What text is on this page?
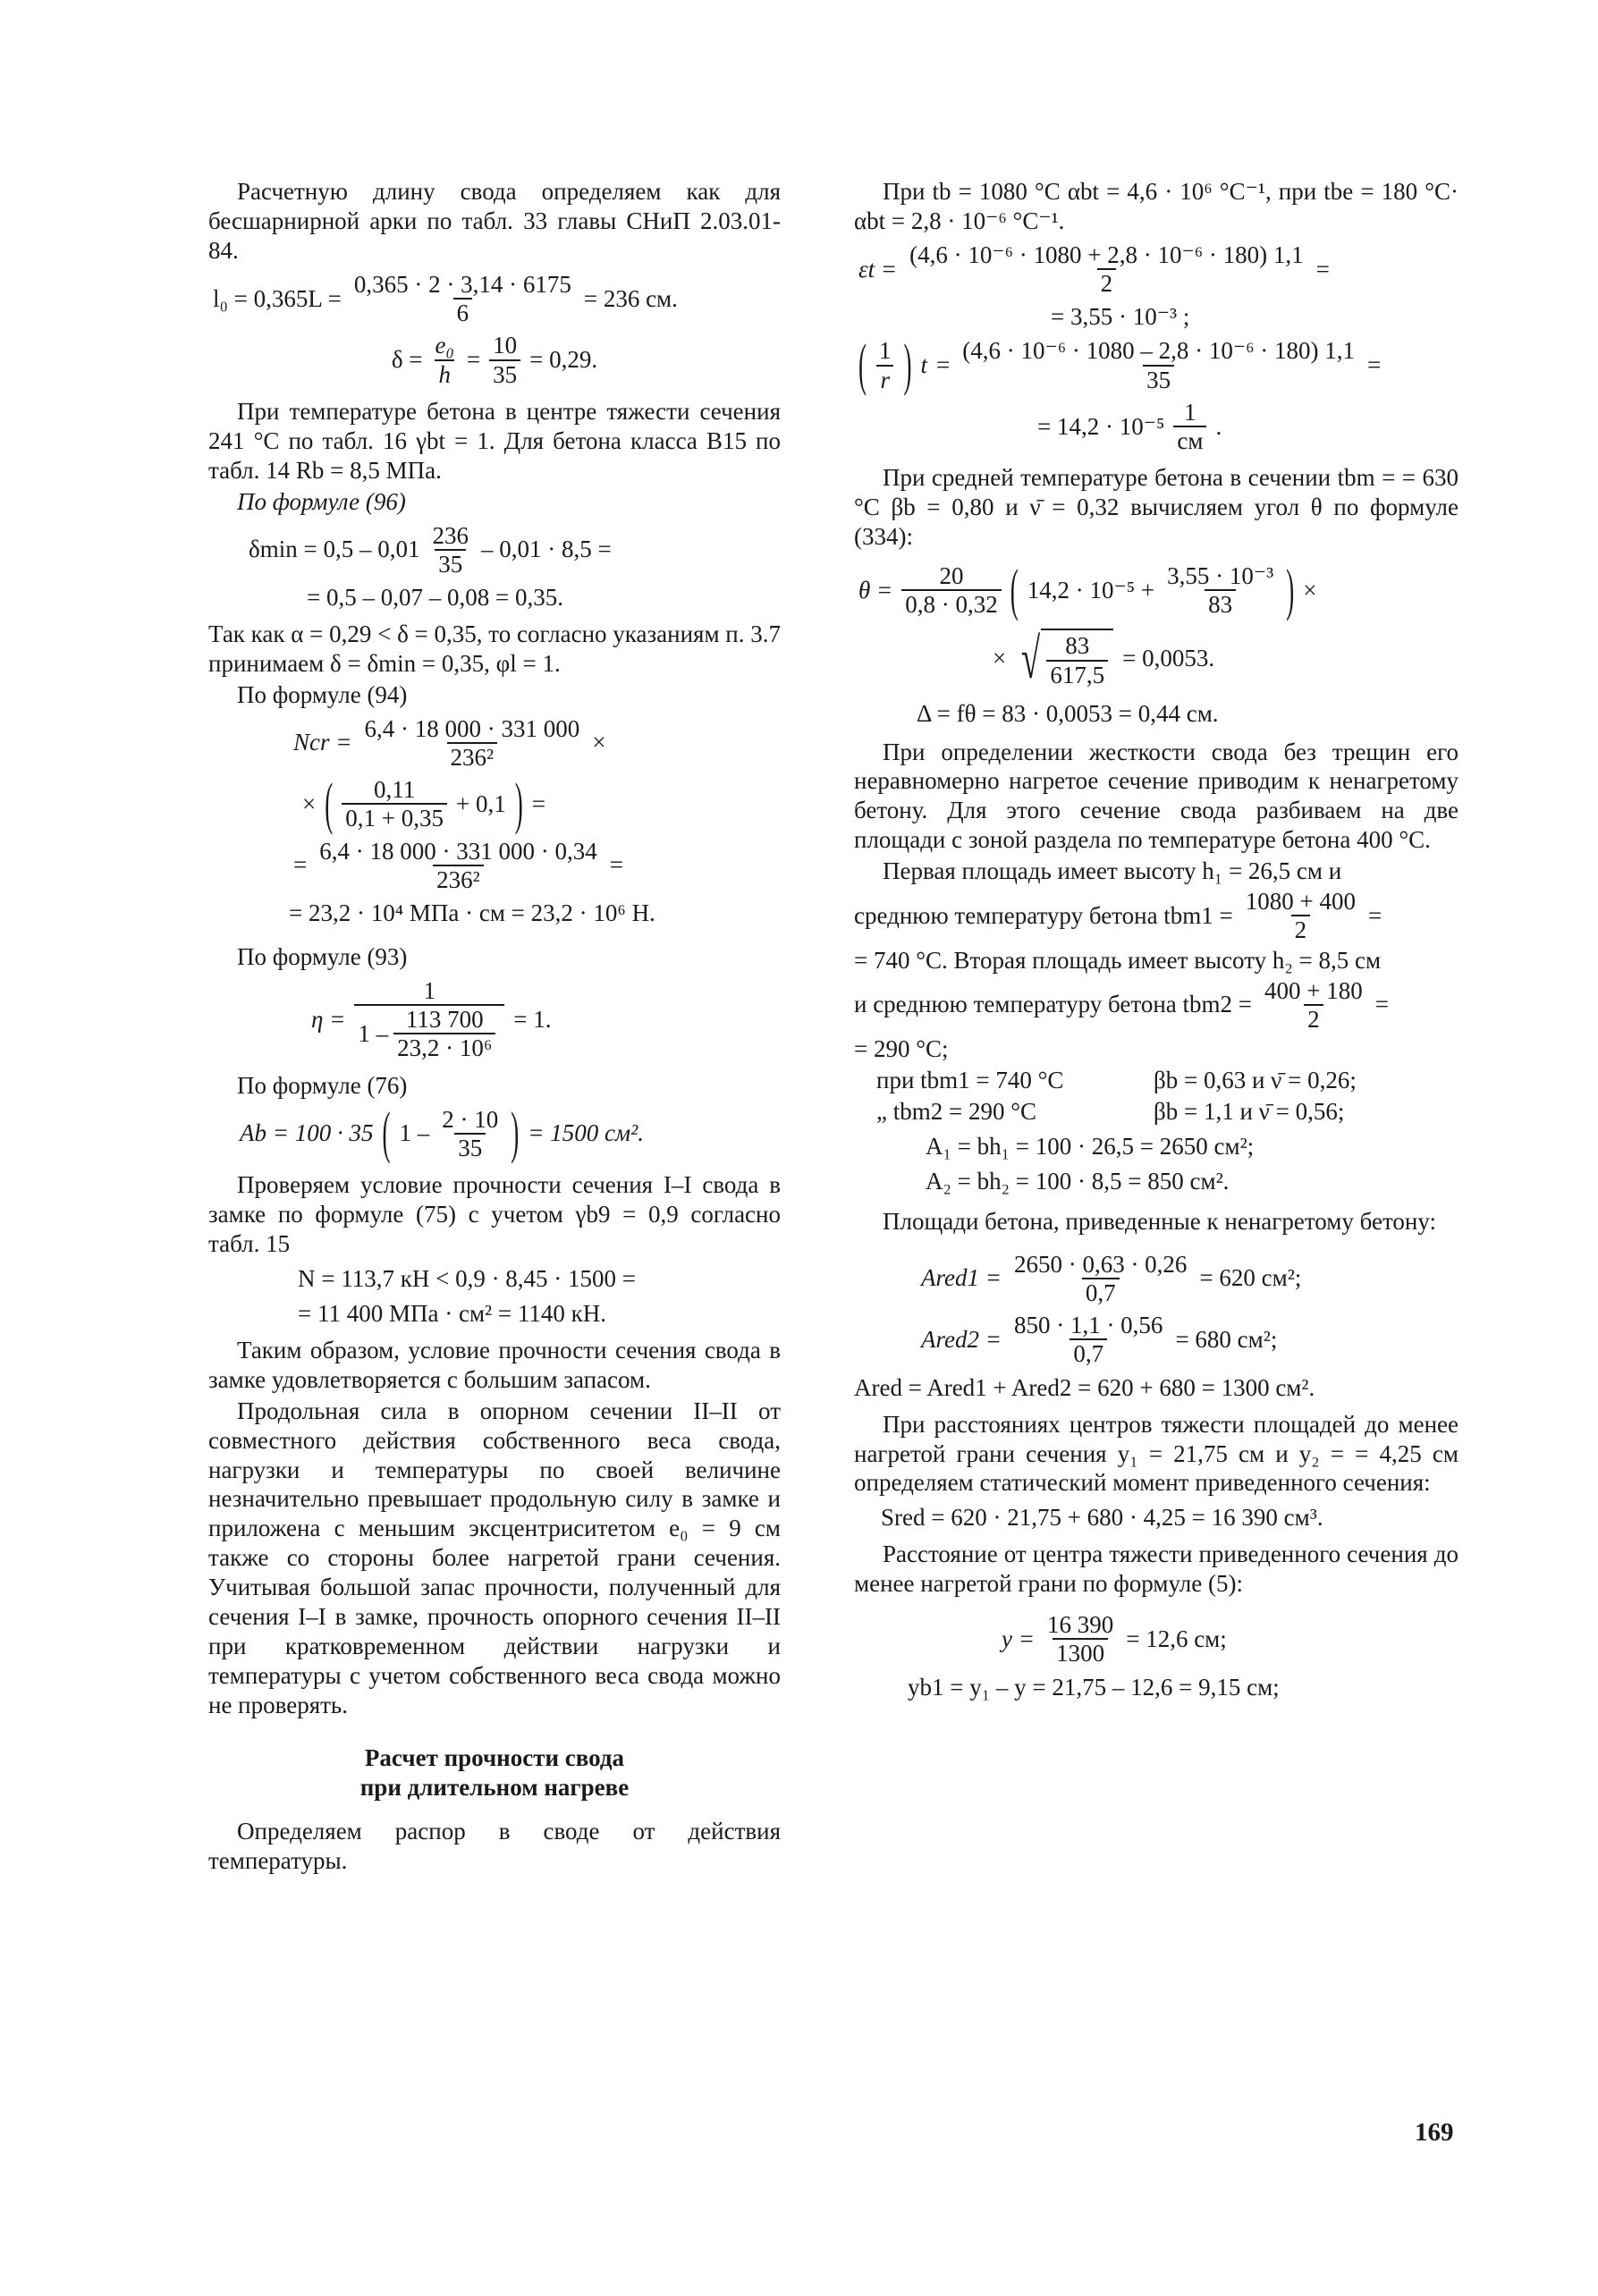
Расчетную длину свода определяем как для бесшарнирной арки по табл. 33 главы СНиП 2.03.01-84.

$l_0 = 0,365L = \frac{0,365 \cdot 2 \cdot 3,14 \cdot 6175}{6} = 236$ см.
$\delta = \frac{\text{e₀}}{h} = \frac{10}{35} = 0,29$.

При температуре бетона в центре тяжести сечения 241 °С по табл. 16 γbt = 1. Для бетона класса В15 по табл. 14 Rb = 8,5 МПа.

По формуле (96)

δmin = 0,5 – 0,01
236
35
– 0,01 · 8,5 =
= 0,5 – 0,07 – 0,08 = 0,35.

Так как α = 0,29 < δ = 0,35, то согласно указаниям п. 3.7 принимаем δ = δmin = 0,35, φl = 1.

По формуле (94)

Ncr = $\frac{6,4 \cdot 18 000 \cdot 331 000}{\text{236²}}$ ×
× ( 0,11
0,1 + 0,35
+ 0,1 ) =
= $\frac{6,4 \cdot 18 000 \cdot 331 000 \cdot 0,34}{\text{236²}}$ =
= 23,2 · 10⁴ МПа · см = 23,2 · 10⁶ Н.

По формуле (93)

η = 1
1 –
113 700
23,2 · 10⁶ = 1.

По формуле (76)

Ab = 100 · 35 ( 1 –
2 · 10
35 ) = 1500 см².

Проверяем условие прочности сечения I–I свода в замке по формуле (75) с учетом γb9 = 0,9 согласно табл. 15

N = 113,7 кН < 0,9 · 8,45 · 1500 =
= 11 400 МПа · см² = 1140 кН.

Таким образом, условие прочности сечения свода в замке удовлетворяется с большим запасом.

Продольная сила в опорном сечении II–II от совместного действия собственного веса свода, нагрузки и температуры по своей величине незначительно превышает продольную силу в замке и приложена с меньшим эксцентриситетом e₀ = 9 см также со стороны более нагретой грани сечения. Учитывая большой запас прочности, полученный для сечения I–I в замке, прочность опорного сечения II–II при кратковременном действии нагрузки и температуры с учетом собственного веса свода можно не проверять.

Расчет прочности свода
при длительном нагреве

Определяем распор в своде от действия температуры.

При tb = 1080 °С αbt = 4,6 · 10⁶ °С⁻¹, при tbe = 180 °С· αbt = 2,8 · 10⁻⁶ °С⁻¹.

$\varepsilon t = \frac{\text{(4,6 · 10⁻⁶ · 1080 + 2,8 · 10⁻⁶ · 180) 1,1}}{2}$ =
= 3,55 · 10⁻³ ;
( 1
r ) $t = \frac{\text{(4,6 · 10⁻⁶ · 1080 – 2,8 · 10⁻⁶ · 180) 1,1}}{35}$ =
= 14,2 · 10⁻⁵
1
см
.

При средней температуре бетона в сечении tbm = = 630 °С βb = 0,80 и ν̄ = 0,32 вычисляем угол θ по формуле (334):

$\theta = \frac{20}{0,8 \cdot 0,32}$ ( $14,2 \cdot 10^{-5} + \frac{\text{3,55 · 10⁻³}}{83}$ ) ×
× √ $\frac{83}{617,5} = 0,0053$.
Δ = fθ = 83 · 0,0053 = 0,44 см.

При определении жесткости свода без трещин его неравномерно нагретое сечение приводим к ненагретому бетону. Для этого сечение свода разбиваем на две площади с зоной раздела по температуре бетона 400 °С.

Первая площадь имеет высоту h₁ = 26,5 см и

среднюю температуру бетона $tbm1 = \frac{1080 + 400}{2}$ =

= 740 °С. Вторая площадь имеет высоту h₂ = 8,5 см

и среднюю температуру бетона $tbm2 = \frac{400 + 180}{2}$ =

= 290 °С;

при tbm1 = 740 °С	βb = 0,63 и ν̄ = 0,26;
„ tbm2 = 290 °С	βb = 1,1 и ν̄ = 0,56;
A₁ = bh₁ = 100 · 26,5 = 2650 см²;
A₂ = bh₂ = 100 · 8,5 = 850 см².

Площади бетона, приведенные к ненагретому бетону:

Ared1 = $\frac{2650 \cdot 0,63 \cdot 0,26}{0,7} = 620$ см²;
Ared2 = $\frac{850 \cdot 1,1 \cdot 0,56}{0,7} = 680$ см²;
Ared = Ared1 + Ared2 = 620 + 680 = 1300 см².

При расстояниях центров тяжести площадей до менее нагретой грани сечения y₁ = 21,75 см и y₂ = = 4,25 см определяем статический момент приведенного сечения:

Sred = 620 · 21,75 + 680 · 4,25 = 16 390 см³.

Расстояние от центра тяжести приведенного сечения до менее нагретой грани по формуле (5):

$y = \frac{16 390}{1300} = 12,6$ см;
yb1 = y₁ – y = 21,75 – 12,6 = 9,15 см;
169
